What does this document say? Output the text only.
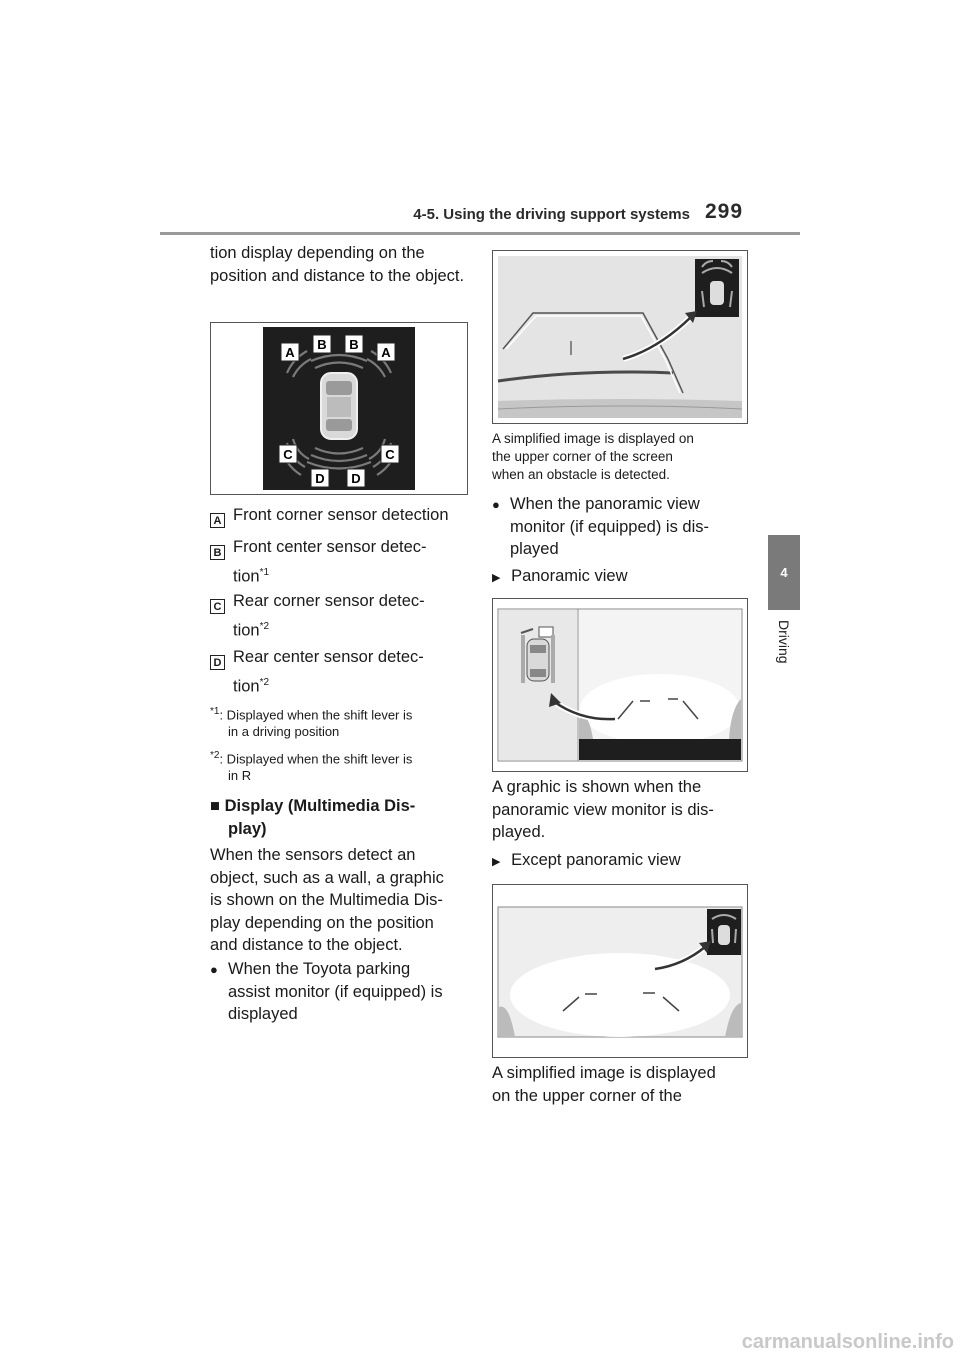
4-5. Using the driving support systems 299
4
Driving
tion display depending on the position and distance to the object.
A
B B
A
C	C
D D
A Front corner sensor detection
B Front center sensor detec-
tion$^{*1}$
C Rear corner sensor detec-
tion$^{*2}$
D Rear center sensor detec-
tion$^{*2}$
$^{*1}$: Displayed when the shift lever is
in a driving position
$^{*2}$: Displayed when the shift lever is
in R
■ Display (Multimedia Dis-
play)
When the sensors detect an
object, such as a wall, a graphic
is shown on the Multimedia Dis-
play depending on the position
and distance to the object.
●
When the Toyota parking
assist monitor (if equipped) is
displayed
A simplified image is displayed on
the upper corner of the screen
when an obstacle is detected.
●
When the panoramic view
monitor (if equipped) is dis-
played
▶ Panoramic view
A graphic is shown when the
panoramic view monitor is dis-
played.
▶ Except panoramic view
A simplified image is displayed
on the upper corner of the
carmanualsonline.info
